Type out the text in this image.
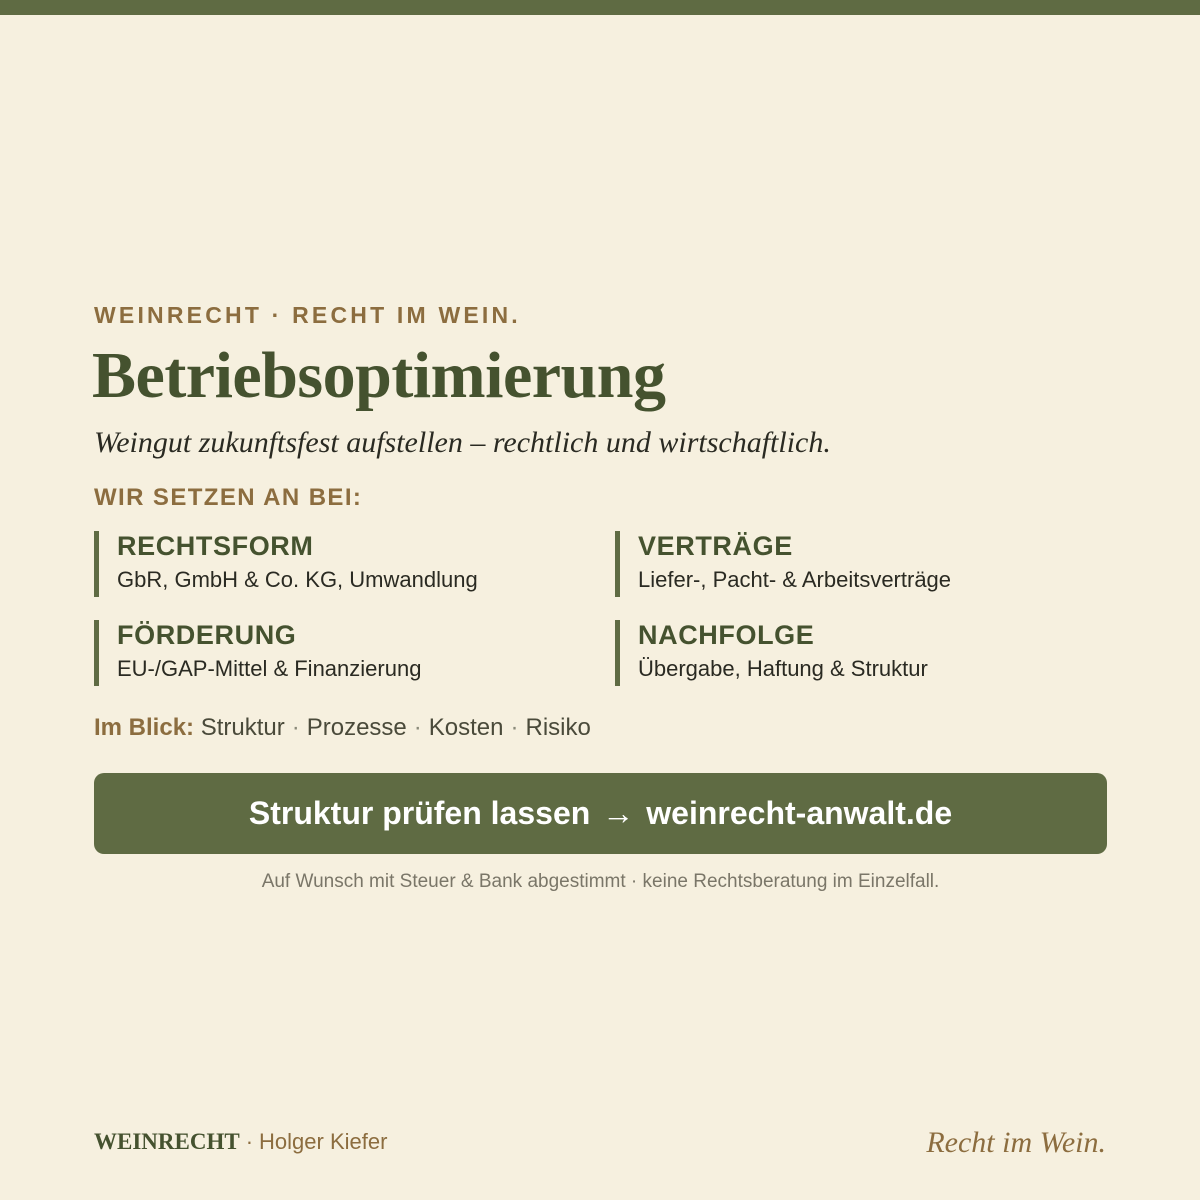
WEINRECHT · RECHT IM WEIN.

Betriebsoptimierung

Weingut zukunftsfest aufstellen – rechtlich und wirtschaftlich.

WIR SETZEN AN BEI:

RECHTSFORM
GbR, GmbH & Co. KG, Umwandlung
VERTRÄGE
Liefer-, Pacht- & Arbeitsverträge
FÖRDERUNG
EU-/GAP-Mittel & Finanzierung
NACHFOLGE
Übergabe, Haftung & Struktur
Im Blick: Struktur · Prozesse · Kosten · Risiko
Struktur prüfen lassen → weinrecht-anwalt.de
Auf Wunsch mit Steuer & Bank abgestimmt · keine Rechtsberatung im Einzelfall.
WEINRECHT · Holger Kiefer	Recht im Wein.
